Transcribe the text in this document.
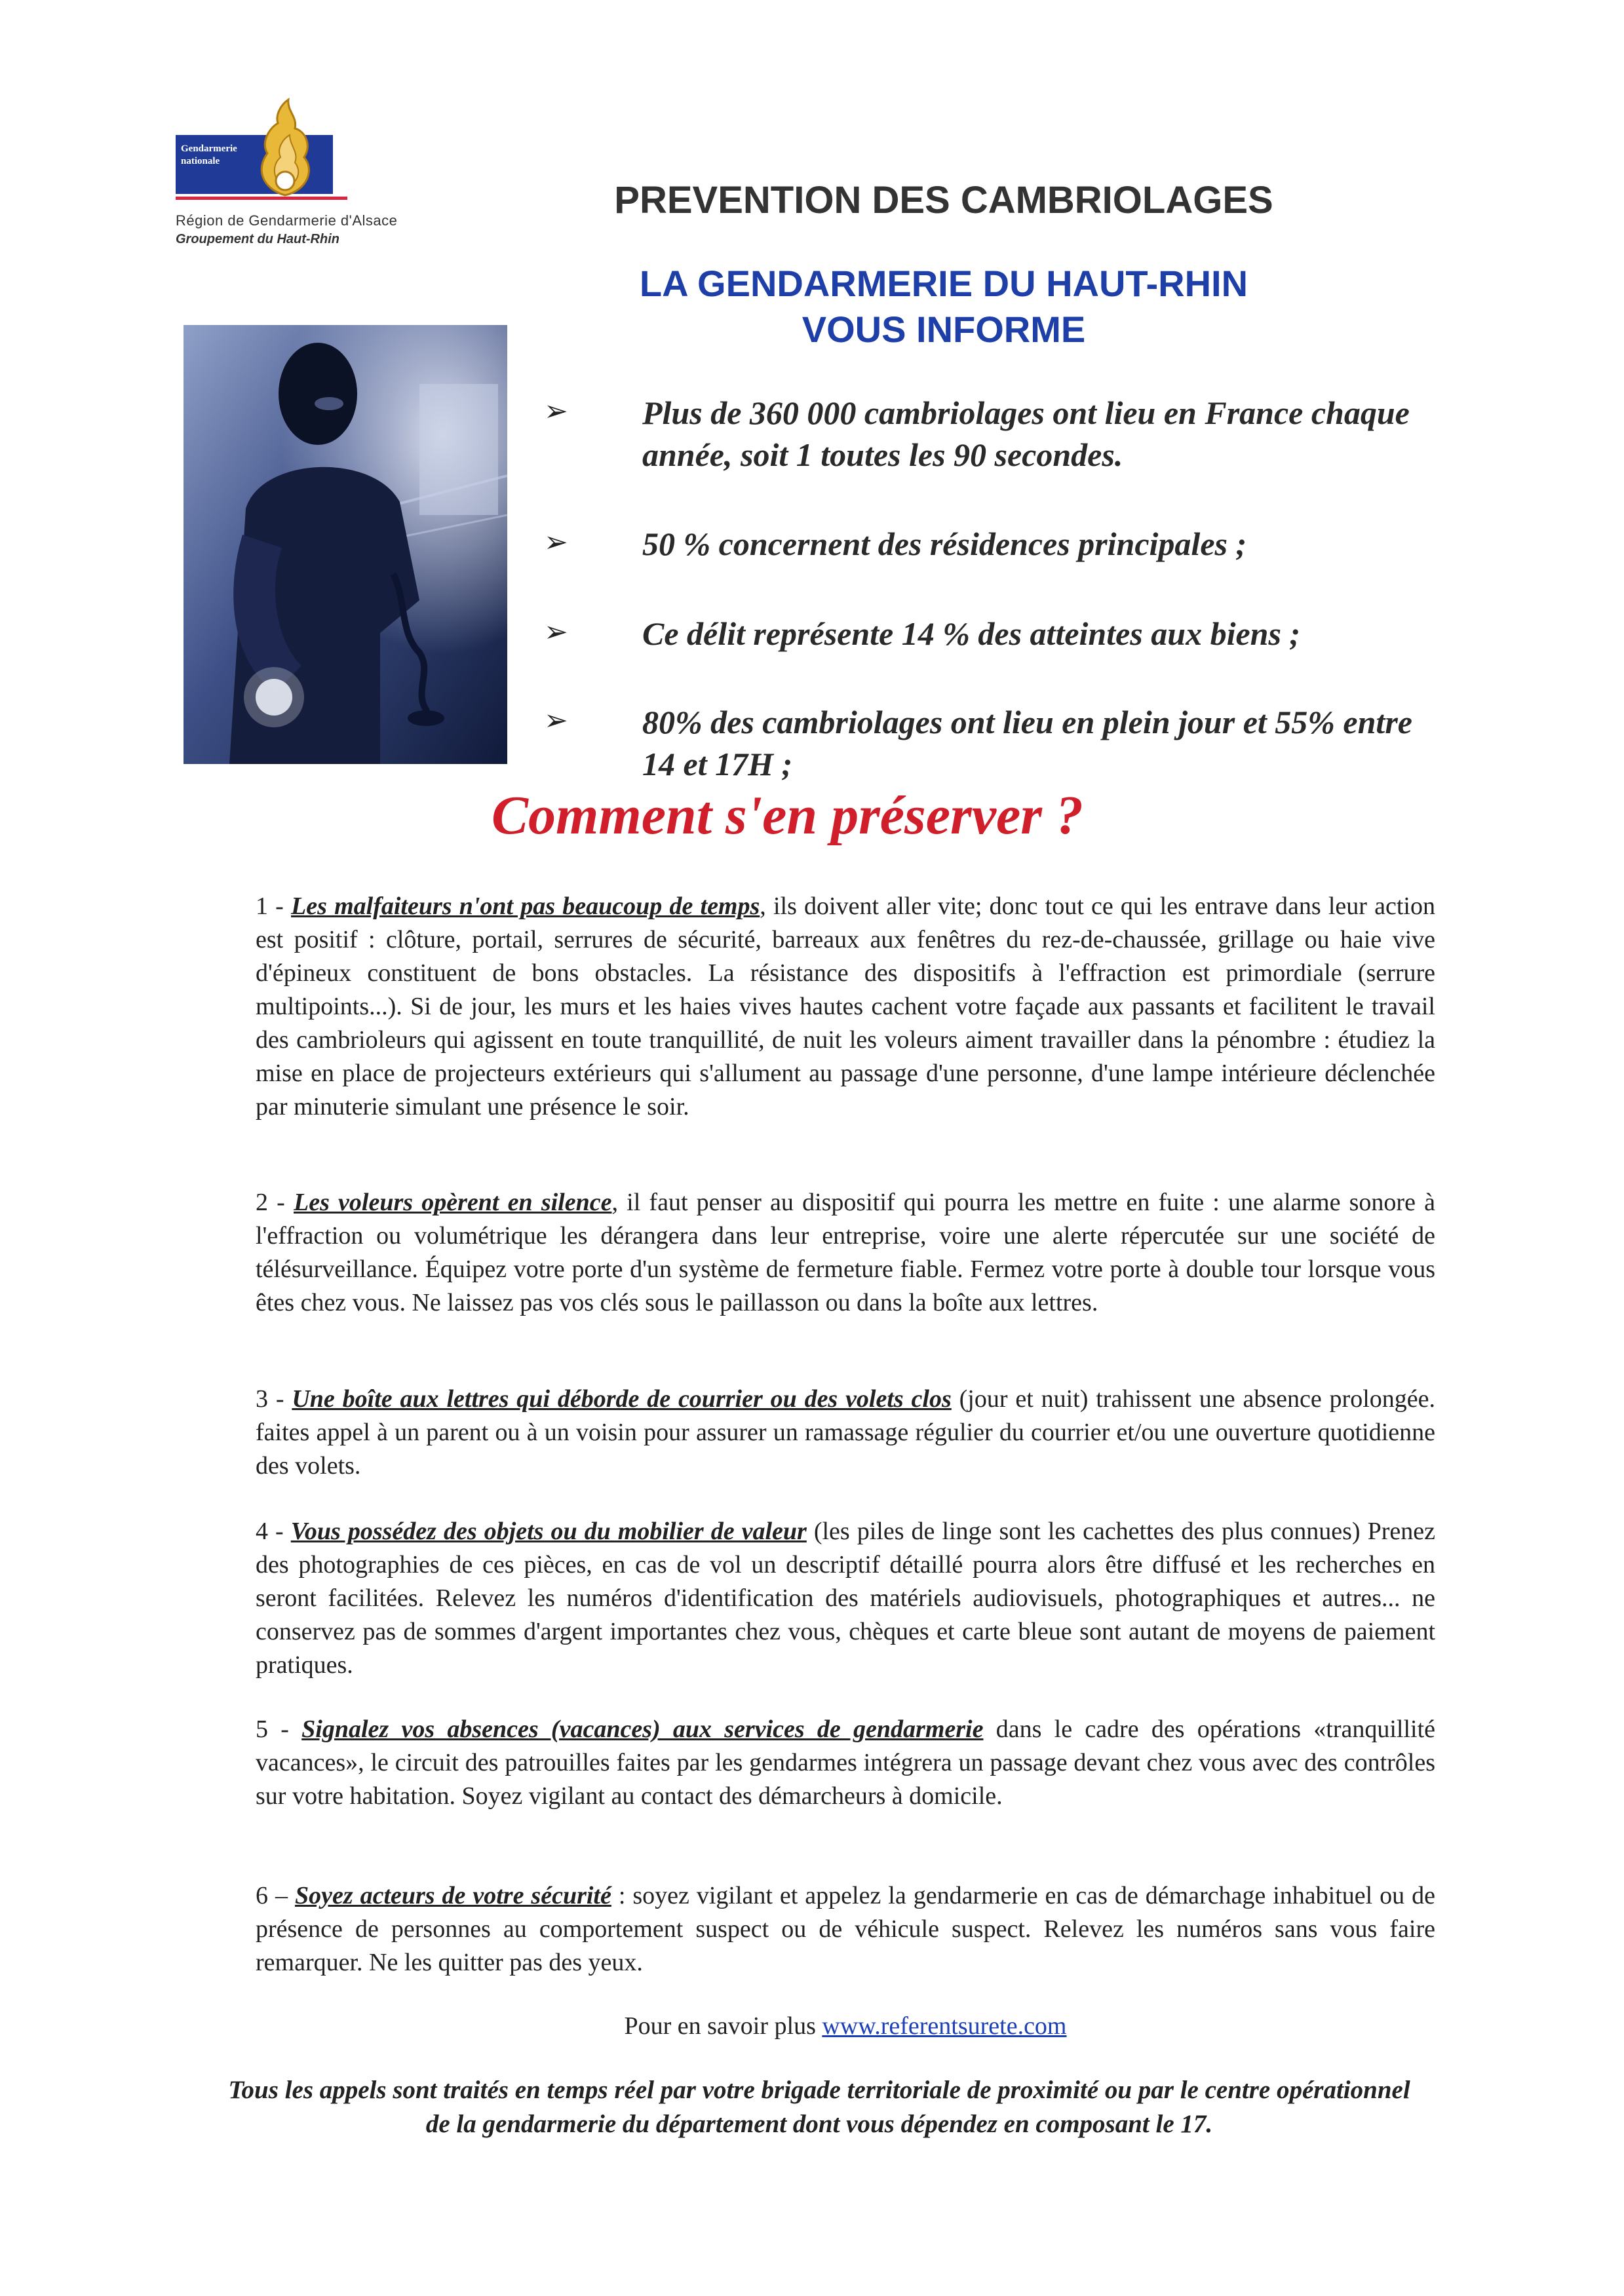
Gendarmerie
nationale
Région de Gendarmerie d'Alsace
Groupement du Haut-Rhin
PREVENTION DES CAMBRIOLAGES
LA GENDARMERIE DU HAUT-RHIN
VOUS INFORME
➢	Plus de 360 000 cambriolages ont lieu en France chaque année, soit 1 toutes les 90 secondes.
➢	50 % concernent des résidences principales ;
➢	Ce délit représente 14 % des atteintes aux biens ;
➢	80% des cambriolages ont lieu en plein jour et 55% entre 14 et 17H ;
Comment s'en préserver ?
1 - Les malfaiteurs n'ont pas beaucoup de temps, ils doivent aller vite; donc tout ce qui les entrave dans leur action est positif : clôture, portail, serrures de sécurité, barreaux aux fenêtres du rez-de-chaussée, grillage ou haie vive d'épineux constituent de bons obstacles. La résistance des dispositifs à l'effraction est primordiale (serrure multipoints...). Si de jour, les murs et les haies vives hautes cachent votre façade aux passants et facilitent le travail des cambrioleurs qui agissent en toute tranquillité, de nuit les voleurs aiment travailler dans la pénombre : étudiez la mise en place de projecteurs extérieurs qui s'allument au passage d'une personne, d'une lampe intérieure déclenchée par minuterie simulant une présence le soir.
2 - Les voleurs opèrent en silence, il faut penser au dispositif qui pourra les mettre en fuite : une alarme sonore à l'effraction ou volumétrique les dérangera dans leur entreprise, voire une alerte répercutée sur une société de télésurveillance. Équipez votre porte d'un système de fermeture fiable. Fermez votre porte à double tour lorsque vous êtes chez vous. Ne laissez pas vos clés sous le paillasson ou dans la boîte aux lettres.
3 - Une boîte aux lettres qui déborde de courrier ou des volets clos (jour et nuit) trahissent une absence prolongée. faites appel à un parent ou à un voisin pour assurer un ramassage régulier du courrier et/ou une ouverture quotidienne des volets.
4 - Vous possédez des objets ou du mobilier de valeur (les piles de linge sont les cachettes des plus connues) Prenez des photographies de ces pièces, en cas de vol un descriptif détaillé pourra alors être diffusé et les recherches en seront facilitées. Relevez les numéros d'identification des matériels audiovisuels, photographiques et autres... ne conservez pas de sommes d'argent importantes chez vous, chèques et carte bleue sont autant de moyens de paiement pratiques.
5 - Signalez vos absences (vacances) aux services de gendarmerie dans le cadre des opérations «tranquillité vacances», le circuit des patrouilles faites par les gendarmes intégrera un passage devant chez vous avec des contrôles sur votre habitation. Soyez vigilant au contact des démarcheurs à domicile.
6 – Soyez acteurs de votre sécurité : soyez vigilant et appelez la gendarmerie en cas de démarchage inhabituel ou de présence de personnes au comportement suspect ou de véhicule suspect. Relevez les numéros sans vous faire remarquer. Ne les quitter pas des yeux.
Pour en savoir plus www.referentsurete.com
Tous les appels sont traités en temps réel par votre brigade territoriale de proximité ou par le centre opérationnel de la gendarmerie du département dont vous dépendez en composant le 17.
